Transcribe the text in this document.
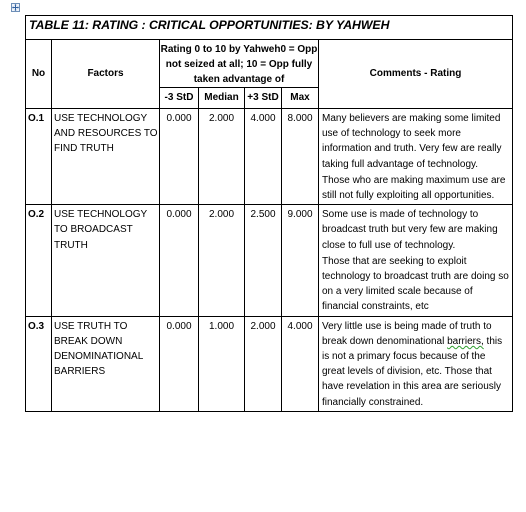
TABLE 11: RATING : CRITICAL OPPORTUNITIES: BY YAHWEH						
No	Factors	Rating 0 to 10 by Yahweh0 = Opp not seized at all; 10 = Opp fully taken advantage of				Comments - Rating
		-3 StD	Median	+3 StD	Max	
O.1	USE TECHNOLOGY AND RESOURCES TO FIND TRUTH	0.000	2.000	4.000	8.000	Many believers are making some limited use of technology to seek more information and truth. Very few are really taking full advantage of technology.

Those who are making maximum use are still not fully exploiting all opportunities.

O.2	USE TECHNOLOGY TO BROADCAST TRUTH	0.000	2.000	2.500	9.000	Some use is made of technology to broadcast truth but very few are making close to full use of technology.

Those that are seeking to exploit technology to broadcast truth are doing so on a very limited scale because of financial constraints, etc

O.3	USE TRUTH TO BREAK DOWN DENOMINATIONAL BARRIERS	0.000	1.000	2.000	4.000	Very little use is being made of truth to break down denominational barriers, this is not a primary focus because of the great levels of division, etc. Those that have revelation in this area are seriously financially constrained.
